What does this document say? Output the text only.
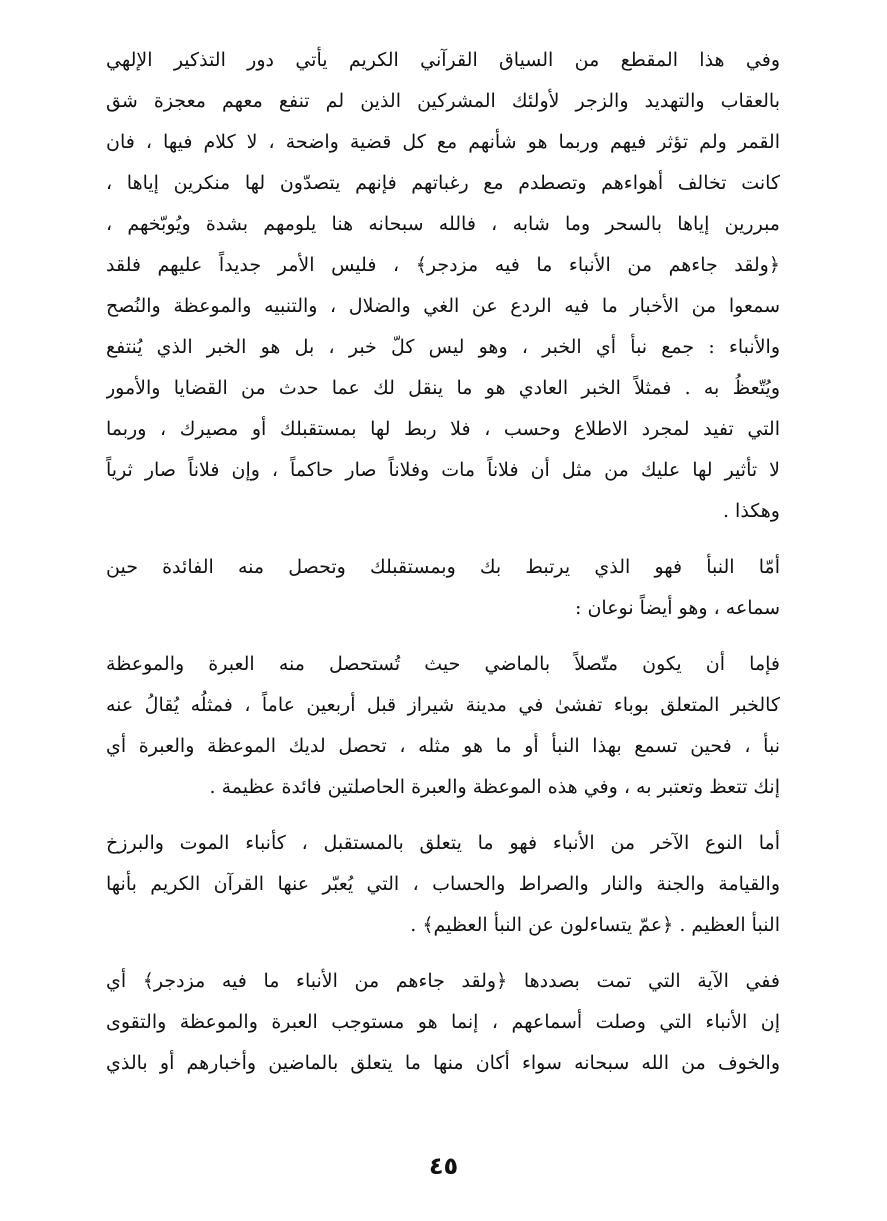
وفي هذا المقطع من السياق القرآني الكريم يأتي دور التذكير الإلهي
بالعقاب والتهديد والزجر لأولئك المشركين الذين لم تنفع معهم معجزة شق
القمر ولم تؤثر فيهم وربما هو شأنهم مع كل قضية واضحة ، لا كلام فيها ، فان
كانت تخالف أهواءهم وتصطدم مع رغباتهم فإنهم يتصدّون لها منكرين إياها ،
مبررين إياها بالسحر وما شابه ، فالله سبحانه هنا يلومهم بشدة ويُوبّخهم ،
﴿ولقد جاءهم من الأنباء ما فيه مزدجر﴾ ، فليس الأمر جديداً عليهم فلقد
سمعوا من الأخبار ما فيه الردع عن الغي والضلال ، والتنبيه والموعظة والنُصح
والأنباء : جمع نبأ أي الخبر ، وهو ليس كلّ خبر ، بل هو الخبر الذي يُنتفع
ويُتّعظُ به . فمثلاً الخبر العادي هو ما ينقل لك عما حدث من القضايا والأمور
التي تفيد لمجرد الاطلاع وحسب ، فلا ربط لها بمستقبلك أو مصيرك ، وربما
لا تأثير لها عليك من مثل أن فلاناً مات وفلاناً صار حاكماً ، وإن فلاناً صار ثرياً
وهكذا .
أمّا النبأ فهو الذي يرتبط بك وبمستقبلك وتحصل منه الفائدة حين
سماعه ، وهو أيضاً نوعان :
فإما أن يكون متّصلاً بالماضي حيث تُستحصل منه العبرة والموعظة
كالخبر المتعلق بوباء تفشىٰ في مدينة شيراز قبل أربعين عاماً ، فمثلُه يُقالُ عنه
نبأ ، فحين تسمع بهذا النبأ أو ما هو مثله ، تحصل لديك الموعظة والعبرة أي
إنك تتعظ وتعتبر به ، وفي هذه الموعظة والعبرة الحاصلتين فائدة عظيمة .
أما النوع الآخر من الأنباء فهو ما يتعلق بالمستقبل ، كأنباء الموت والبرزخ
والقيامة والجنة والنار والصراط والحساب ، التي يُعبّر عنها القرآن الكريم بأنها
النبأ العظيم . ﴿عمّ يتساءلون عن النبأ العظيم﴾ .
ففي الآية التي تمت بصددها ﴿ولقد جاءهم من الأنباء ما فيه مزدجر﴾ أي
إن الأنباء التي وصلت أسماعهم ، إنما هو مستوجب العبرة والموعظة والتقوى
والخوف من الله سبحانه سواء أكان منها ما يتعلق بالماضين وأخبارهم أو بالذي
٤٥
